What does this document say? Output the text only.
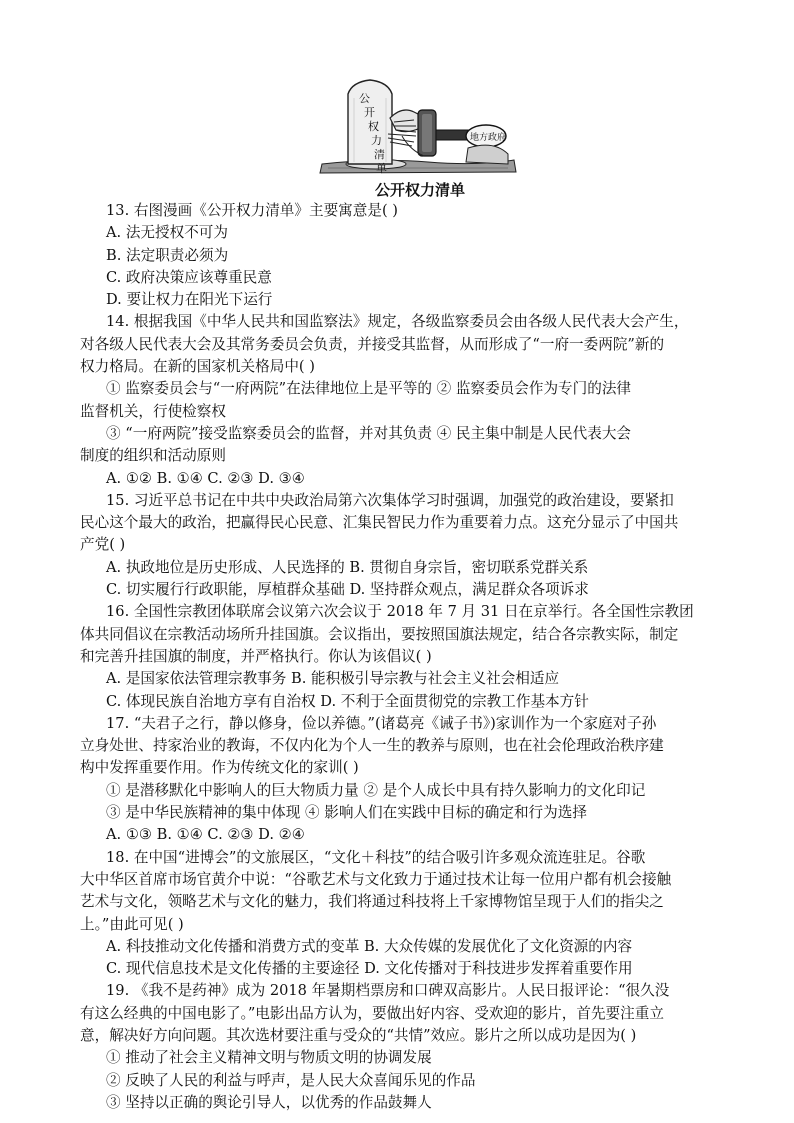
公
开
权
力
清
单
地方政府
公开权力清单
13. 右图漫画《公开权力清单》主要寓意是( )
A. 法无授权不可为
B. 法定职责必须为
C. 政府决策应该尊重民意
D. 要让权力在阳光下运行
14. 根据我国《中华人民共和国监察法》规定，各级监察委员会由各级人民代表大会产生，
对各级人民代表大会及其常务委员会负责，并接受其监督，从而形成了“一府一委两院”新的
权力格局。在新的国家机关格局中( )
① 监察委员会与“一府两院”在法律地位上是平等的 ② 监察委员会作为专门的法律
监督机关，行使检察权
③ “一府两院”接受监察委员会的监督，并对其负责 ④ 民主集中制是人民代表大会
制度的组织和活动原则
A. ①② B. ①④ C. ②③ D. ③④
15. 习近平总书记在中共中央政治局第六次集体学习时强调，加强党的政治建设，要紧扣
民心这个最大的政治，把赢得民心民意、汇集民智民力作为重要着力点。这充分显示了中国共
产党( )
A. 执政地位是历史形成、人民选择的 B. 贯彻自身宗旨，密切联系党群关系
C. 切实履行行政职能，厚植群众基础 D. 坚持群众观点，满足群众各项诉求
16. 全国性宗教团体联席会议第六次会议于 2018 年 7 月 31 日在京举行。各全国性宗教团
体共同倡议在宗教活动场所升挂国旗。会议指出，要按照国旗法规定，结合各宗教实际，制定
和完善升挂国旗的制度，并严格执行。你认为该倡议( )
A. 是国家依法管理宗教事务 B. 能积极引导宗教与社会主义社会相适应
C. 体现民族自治地方享有自治权 D. 不利于全面贯彻党的宗教工作基本方针
17. “夫君子之行，静以修身，俭以养德。”(诸葛亮《诫子书》)家训作为一个家庭对子孙
立身处世、持家治业的教诲，不仅内化为个人一生的教养与原则，也在社会伦理政治秩序建
构中发挥重要作用。作为传统文化的家训( )
① 是潜移默化中影响人的巨大物质力量 ② 是个人成长中具有持久影响力的文化印记
③ 是中华民族精神的集中体现 ④ 影响人们在实践中目标的确定和行为选择
A. ①③ B. ①④ C. ②③ D. ②④
18. 在中国“进博会”的文旅展区，“文化＋科技”的结合吸引许多观众流连驻足。谷歌
大中华区首席市场官黄介中说：“谷歌艺术与文化致力于通过技术让每一位用户都有机会接触
艺术与文化，领略艺术与文化的魅力，我们将通过科技将上千家博物馆呈现于人们的指尖之
上。”由此可见( )
A. 科技推动文化传播和消费方式的变革 B. 大众传媒的发展优化了文化资源的内容
C. 现代信息技术是文化传播的主要途径 D. 文化传播对于科技进步发挥着重要作用
19. 《我不是药神》成为 2018 年暑期档票房和口碑双高影片。人民日报评论：“很久没
有这么经典的中国电影了。”电影出品方认为，要做出好内容、受欢迎的影片，首先要注重立
意，解决好方向问题。其次选材要注重与受众的“共情”效应。影片之所以成功是因为( )
① 推动了社会主义精神文明与物质文明的协调发展
② 反映了人民的利益与呼声，是人民大众喜闻乐见的作品
③ 坚持以正确的舆论引导人，以优秀的作品鼓舞人
